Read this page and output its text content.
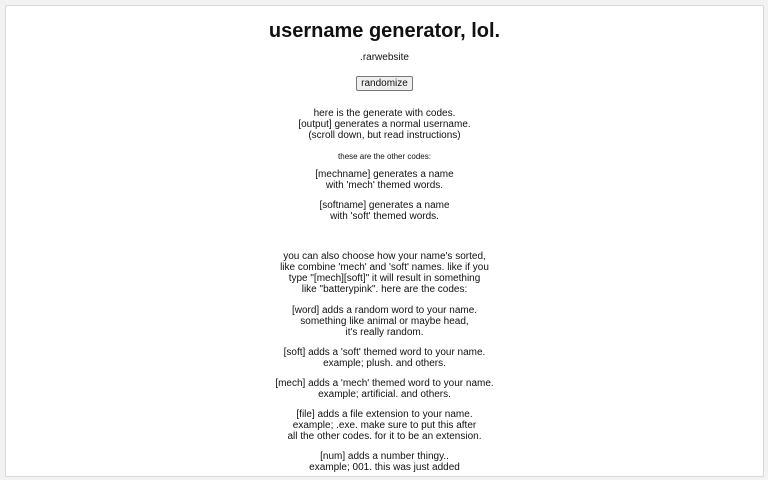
username generator, lol.
.rarwebsite
randomize
here is the generate with codes.
[output] generates a normal username.
(scroll down, but read instructions)
these are the other codes:
[mechname] generates a name
with 'mech' themed words.
[softname] generates a name
with 'soft' themed words.
you can also choose how your name's sorted,
like combine 'mech' and 'soft' names. like if you
type "[mech][soft]" it will result in something
like "batterypink". here are the codes:
[word] adds a random word to your name.
something like animal or maybe head,
it's really random.
[soft] adds a 'soft' themed word to your name.
example; plush. and others.
[mech] adds a 'mech' themed word to your name.
example; artificial. and others.
[file] adds a file extension to your name.
example; .exe. make sure to put this after
all the other codes. for it to be an extension.
[num] adds a number thingy..
example; 001. this was just added
